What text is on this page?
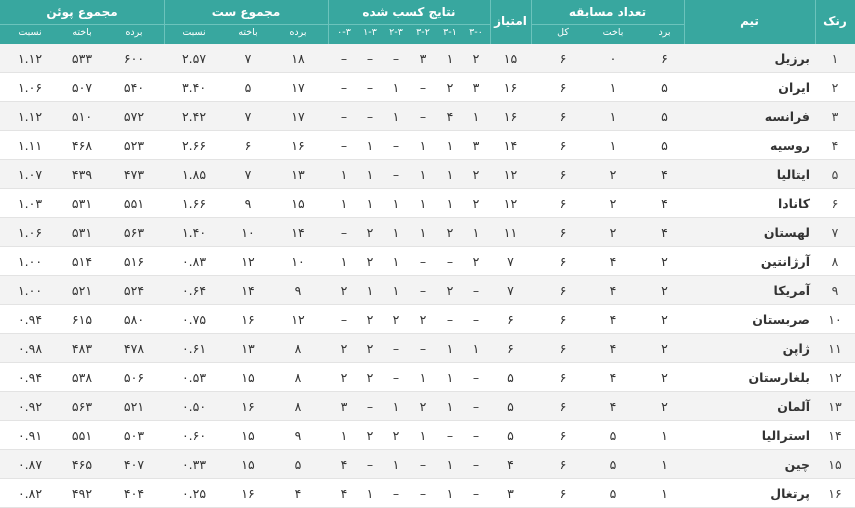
رنک
تیم
تعداد مسابقه
برد
باخت
کل
امتیاز
نتایج کسب شده
۳-۰
۳-۱
۳-۲
۲-۳
۱-۳
۰-۳
مجموع ست
برده
باخته
نسبت
مجموع پوئن
برده
باخته
نسبت
۱
برزیل
۶
۰
۶
۱۵
۲
۱
۳
–
–
–
۱۸
۷
۲.۵۷
۶۰۰
۵۳۳
۱.۱۲
۲
ایران
۵
۱
۶
۱۶
۳
۲
–
۱
–
–
۱۷
۵
۳.۴۰
۵۴۰
۵۰۷
۱.۰۶
۳
فرانسه
۵
۱
۶
۱۶
۱
۴
–
۱
–
–
۱۷
۷
۲.۴۲
۵۷۲
۵۱۰
۱.۱۲
۴
روسیه
۵
۱
۶
۱۴
۳
۱
۱
–
۱
–
۱۶
۶
۲.۶۶
۵۲۳
۴۶۸
۱.۱۱
۵
ایتالیا
۴
۲
۶
۱۲
۲
۱
۱
–
۱
۱
۱۳
۷
۱.۸۵
۴۷۳
۴۳۹
۱.۰۷
۶
کانادا
۴
۲
۶
۱۲
۲
۱
۱
۱
۱
۱
۱۵
۹
۱.۶۶
۵۵۱
۵۳۱
۱.۰۳
۷
لهستان
۴
۲
۶
۱۱
۱
۲
۱
۱
۲
–
۱۴
۱۰
۱.۴۰
۵۶۳
۵۳۱
۱.۰۶
۸
آرژانتین
۲
۴
۶
۷
۲
–
–
۱
۲
۱
۱۰
۱۲
۰.۸۳
۵۱۶
۵۱۴
۱.۰۰
۹
آمریکا
۲
۴
۶
۷
–
۲
–
۱
۱
۲
۹
۱۴
۰.۶۴
۵۲۴
۵۲۱
۱.۰۰
۱۰
صربستان
۲
۴
۶
۶
–
–
۲
۲
۲
–
۱۲
۱۶
۰.۷۵
۵۸۰
۶۱۵
۰.۹۴
۱۱
ژاپن
۲
۴
۶
۶
۱
۱
–
–
۲
۲
۸
۱۳
۰.۶۱
۴۷۸
۴۸۳
۰.۹۸
۱۲
بلغارستان
۲
۴
۶
۵
–
۱
۱
–
۲
۲
۸
۱۵
۰.۵۳
۵۰۶
۵۳۸
۰.۹۴
۱۳
آلمان
۲
۴
۶
۵
–
۱
۲
۱
–
۳
۸
۱۶
۰.۵۰
۵۲۱
۵۶۳
۰.۹۲
۱۴
استرالیا
۱
۵
۶
۵
–
–
۱
۲
۲
۱
۹
۱۵
۰.۶۰
۵۰۳
۵۵۱
۰.۹۱
۱۵
چین
۱
۵
۶
۴
–
۱
–
۱
–
۴
۵
۱۵
۰.۳۳
۴۰۷
۴۶۵
۰.۸۷
۱۶
پرتغال
۱
۵
۶
۳
–
۱
–
–
۱
۴
۴
۱۶
۰.۲۵
۴۰۴
۴۹۲
۰.۸۲
